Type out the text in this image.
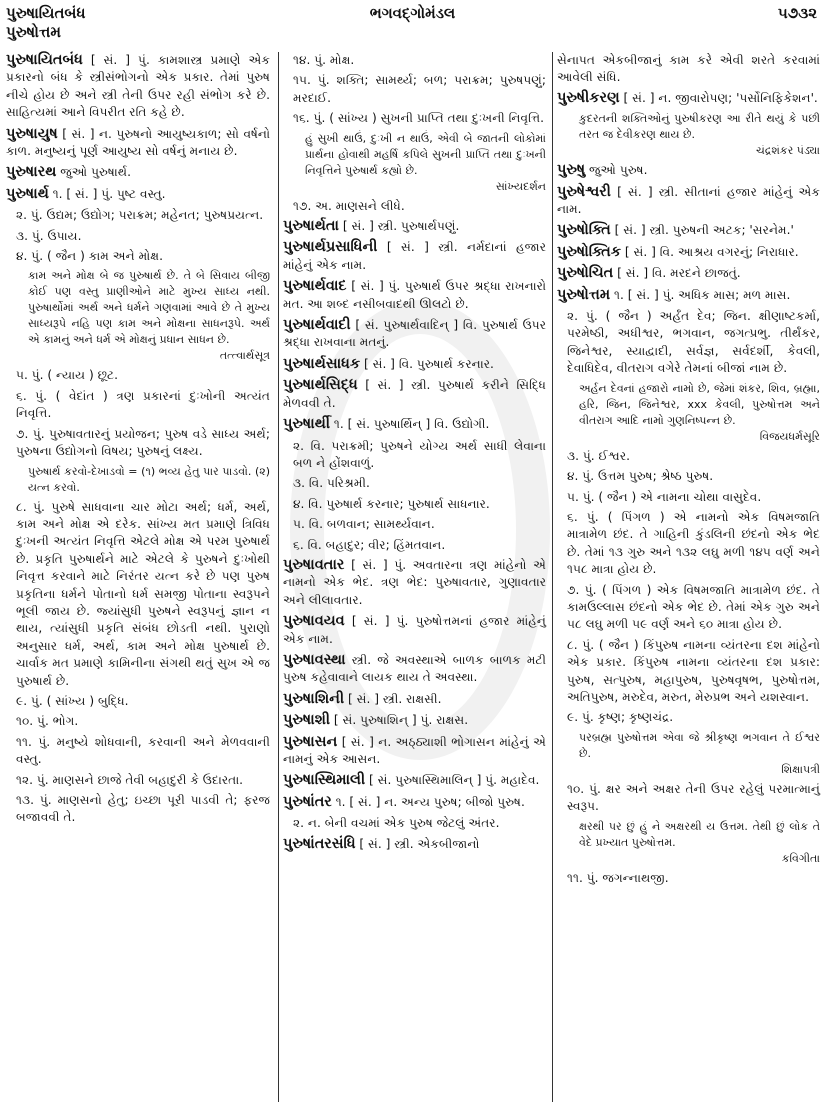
પુરુષાયિતબંધ
પુરુષોત્તમ
ભગવદ્ગોમંડલ	૫૭૩૨
પુરુષાયિતબંધ [ સં. ] પું. કામશાસ્ત્ર પ્રમાણે એક પ્રકારનો બંધ કે સ્ત્રીસંભોગનો એક પ્રકાર. તેમાં પુરુષ નીચે હોય છે અને સ્ત્રી તેની ઉપર રહી સંભોગ કરે છે. સાહિત્યમાં આને વિપરીત રતિ કહે છે.
પુરુષાયુષ [ સં. ] ન. પુરુષનો આયુષ્યકાળ; સો વર્ષનો કાળ. મનુષ્યનું પૂર્ણ આયુષ્ય સો વર્ષનું મનાય છે.
પુરુષારથ જુઓ પુરુષાર્થ.
પુરુષાર્થ ૧. [ સં. ] પું. પુષ્ટ વસ્તુ.
૨. પું. ઉદ્યમ; ઉદ્યોગ; પરાક્રમ; મહેનત; પુરુષપ્રયત્ન.
૩. પું. ઉપાય.
૪. પું. ( જૈન ) કામ અને મોક્ષ.
કામ અને મોક્ષ બે જ પુરુષાર્થ છે. તે બે સિવાય બીજી કોઈ પણ વસ્તુ પ્રાણીઓને માટે મુખ્ય સાધ્ય નથી. પુરુષાર્થોમાં અર્થ અને ધર્મને ગણવામાં આવે છે તે મુખ્ય સાધ્યરૂપે નહિ પણ કામ અને મોક્ષના સાધનરૂપે. અર્થ એ કામનું અને ધર્મ એ મોક્ષનું પ્રધાન સાધન છે.
તત્ત્વાર્થસૂત્ર
૫. પું. ( ન્યાય ) છૂટ.
૬. પું. ( વેદાંત ) ત્રણ પ્રકારનાં દુઃખોની અત્યંત નિવૃત્તિ.
૭. પું. પુરુષાવતારનું પ્રયોજન; પુરુષ વડે સાધ્ય અર્થ; પુરુષના ઉદ્યોગનો વિષય; પુરુષનું લક્ષ્ય.
પુરુષાર્થ કરવો-દેખાડવો = (૧) ભવ્ય હેતુ પાર પાડવો. (૨) યત્ન કરવો.
૮. પું. પુરુષે સાધવાના ચાર મોટા અર્થ; ધર્મ, અર્થ, કામ અને મોક્ષ એ દરેક. સાંખ્ય મત પ્રમાણે ત્રિવિધ દુઃખની અત્યંત નિવૃત્તિ એટલે મોક્ષ એ પરમ પુરુષાર્થ છે. પ્રકૃતિ પુરુષાર્થને માટે એટલે કે પુરુષને દુઃખોથી નિવૃત્ત કરવાને માટે નિરંતર યત્ન કરે છે પણ પુરુષ પ્રકૃતિના ધર્મને પોતાનો ધર્મ સમજી પોતાના સ્વરૂપને ભૂલી જાય છે. જ્યાંસુધી પુરુષને સ્વરૂપનું જ્ઞાન ન થાય, ત્યાંસુધી પ્રકૃતિ સંબંધ છોડતી નથી. પુરાણો અનુસાર ધર્મ, અર્થ, કામ અને મોક્ષ પુરુષાર્થ છે. ચાર્વાક મત પ્રમાણે કામિનીના સંગથી થતું સુખ એ જ પુરુષાર્થ છે.
૯. પું. ( સાંખ્ય ) બુદ્ધિ.
૧૦. પું. ભોગ.
૧૧. પું. મનુષ્યે શોધવાની, કરવાની અને મેળવવાની વસ્તુ.
૧૨. પું. માણસને છાજે તેવી બહાદુરી કે ઉદારતા.
૧૩. પું. માણસનો હેતુ; ઇચ્છા પૂરી પાડવી તે; ફરજ બજાવવી તે.
૧૪. પું. મોક્ષ.
૧૫. પું. શક્તિ; સામર્થ્ય; બળ; પરાક્રમ; પુરુષપણું; મરદાઈ.
૧૬. પું. ( સાંખ્ય ) સુખની પ્રાપ્તિ તથા દુઃખની નિવૃત્તિ.
હું સુખી થાઉં, દુઃખી ન થાઉં, એવી બે જાતની લોકોમાં પ્રાર્થના હોવાથી મહર્ષિ કપિલે સુખની પ્રાપ્તિ તથા દુઃખની નિવૃત્તિને પુરુષાર્થ કહ્યો છે.
સાંખ્યદર્શન
૧૭. અ. માણસને લીધે.
પુરુષાર્થતા [ સં. ] સ્ત્રી. પુરુષાર્થપણું.
પુરુષાર્થપ્રસાધિની [ સં. ] સ્ત્રી. નર્મદાનાં હજાર માંહેનું એક નામ.
પુરુષાર્થવાદ [ સં. ] પું. પુરુષાર્થ ઉપર શ્રદ્ધા રાખનારો મત. આ શબ્દ નસીબવાદથી ઊલટો છે.
પુરુષાર્થવાદી [ સં. પુરુષાર્થવાદિન્ ] વિ. પુરુષાર્થ ઉપર શ્રદ્ધા રાખવાના મતનું.
પુરુષાર્થસાધક [ સં. ] વિ. પુરુષાર્થ કરનાર.
પુરુષાર્થસિદ્ધ [ સં. ] સ્ત્રી. પુરુષાર્થ કરીને સિદ્ધિ મેળવવી તે.
પુરુષાર્થી ૧. [ સં. પુરુષાર્થિન્ ] વિ. ઉદ્યોગી.
૨. વિ. પરાક્રમી; પુરુષને યોગ્ય અર્થ સાધી લેવાના બળ ને હોંશવાળું.
૩. વિ. પરિશ્રમી.
૪. વિ. પુરુષાર્થ કરનાર; પુરુષાર્થ સાધનાર.
૫. વિ. બળવાન; સામર્થ્યવાન.
૬. વિ. બહાદુર; વીર; હિંમતવાન.
પુરુષાવતાર [ સં. ] પું. અવતારના ત્રણ માંહેનો એ નામનો એક ભેદ. ત્રણ ભેદ: પુરુષાવતાર, ગુણાવતાર અને લીલાવતાર.
પુરુષાવયવ [ સં. ] પું. પુરુષોત્તમનાં હજાર માંહેનું એક નામ.
પુરુષાવસ્થા સ્ત્રી. જે અવસ્થાએ બાળક બાળક મટી પુરુષ કહેવાવાને લાયક થાય તે અવસ્થા.
પુરુષાશિની [ સં. ] સ્ત્રી. રાક્ષસી.
પુરુષાશી [ સં. પુરુષાશિન્ ] પું. રાક્ષસ.
પુરુષાસન [ સં. ] ન. અઠ્ઠ્યાશી ભોગાસન માંહેનું એ નામનું એક આસન.
પુરુષાસ્થિમાલી [ સં. પુરુષાસ્થિમાલિન્ ] પું. મહાદેવ.
પુરુષાંતર ૧. [ સં. ] ન. અન્ય પુરુષ; બીજો પુરુષ.
૨. ન. બેની વચમાં એક પુરુષ જેટલું અંતર.
પુરુષાંતરસંધિ [ સં. ] સ્ત્રી. એકબીજાનો
સેનાપત એકબીજાનું કામ કરે એવી શરતે કરવામાં આવેલી સંધિ.
પુરુષીકરણ [ સં. ] ન. જીવારોપણ; 'પર્સોનિફિકેશન'.
કુદરતની શક્તિઓનું પુરુષીકરણ આ રીતે થયું કે પછી તરત જ દેવીકરણ થાય છે.
ચંદ્રશંકર પંડ્યા
પુરુષુ જુઓ પુરુષ.
પુરુષેશ્વરી [ સં. ] સ્ત્રી. સીતાનાં હજાર માંહેનું એક નામ.
પુરુષોક્તિ [ સં. ] સ્ત્રી. પુરુષની અટક; 'સરનેમ.'
પુરુષોક્તિક [ સં. ] વિ. આશ્રય વગરનું; નિરાધાર.
પુરુષોચિત [ સં. ] વિ. મરદને છાજતું.
પુરુષોત્તમ ૧. [ સં. ] પું. અધિક માસ; મળ માસ.
૨. પું. ( જૈન ) અર્હંત દેવ; જિન. ક્ષીણાષ્ટકર્મા, પરમેષ્ઠી, અધીશ્વર, ભગવાન, જગત્પ્રભુ. તીર્થંકર, જિનેશ્વર, સ્યાદ્વાદી, સર્વજ્ઞ, સર્વદર્શી, કેવલી, દેવાધિદેવ, વીતરાગ વગેરે તેમનાં બીજાં નામ છે.
અર્હન દેવનાં હજારો નામો છે, જેમાં શંકર, શિવ, બ્રહ્મા, હરિ, જિન, જિનેશ્વર, xxx કેવલી, પુરુષોત્તમ અને વીતરાગ આદિ નામો ગુણનિષ્પન્ન છે.
વિજયધર્મસૂરિ
૩. પું. ઈશ્વર.
૪. પું. ઉત્તમ પુરુષ; શ્રેષ્ઠ પુરુષ.
૫. પું. ( જૈન ) એ નામના ચોથા વાસુદેવ.
૬. પું. ( પિંગળ ) એ નામનો એક વિષમજાતિ માત્રામેળ છંદ. તે ગાહિની કુંડલિની છંદનો એક ભેદ છે. તેમાં ૧૩ ગુરુ અને ૧૩૨ લઘુ મળી ૧૪૫ વર્ણ અને ૧૫૮ માત્રા હોય છે.
૭. પું. ( પિંગળ ) એક વિષમજાતિ માત્રામેળ છંદ. તે કામઉલ્લાસ છંદનો એક ભેદ છે. તેમાં એક ગુરુ અને ૫૮ લઘુ મળી ૫૯ વર્ણ અને ૬૦ માત્રા હોય છે.
૮. પું. ( જૈન ) કિંપુરુષ નામના વ્યંતરના દશ માંહેનો એક પ્રકાર. કિંપુરુષ નામના વ્યંતરના દશ પ્રકાર: પુરુષ, સત્પુરુષ, મહાપુરુષ, પુરુષવૃષભ, પુરુષોત્તમ, અતિપુરુષ, મરુદેવ, મરુત, મેરુપ્રભ અને યશસ્વાન.
૯. પું. કૃષ્ણ; કૃષ્ણચંદ્ર.
પરબ્રહ્મ પુરુષોત્તમ એવા જે શ્રીકૃષ્ણ ભગવાન તે ઈશ્વર છે.
શિક્ષાપત્રી
૧૦. પું. ક્ષર અને અક્ષર તેની ઉપર રહેલું પરમાત્માનું સ્વરૂપ.
ક્ષરથી પર છું હું ને અક્ષરથી ય ઉત્તમ. તેથી છું લોક તે વેદે પ્રખ્યાત પુરુષોત્તમ.
કવિગીતા
૧૧. પું. જગન્નાથજી.
